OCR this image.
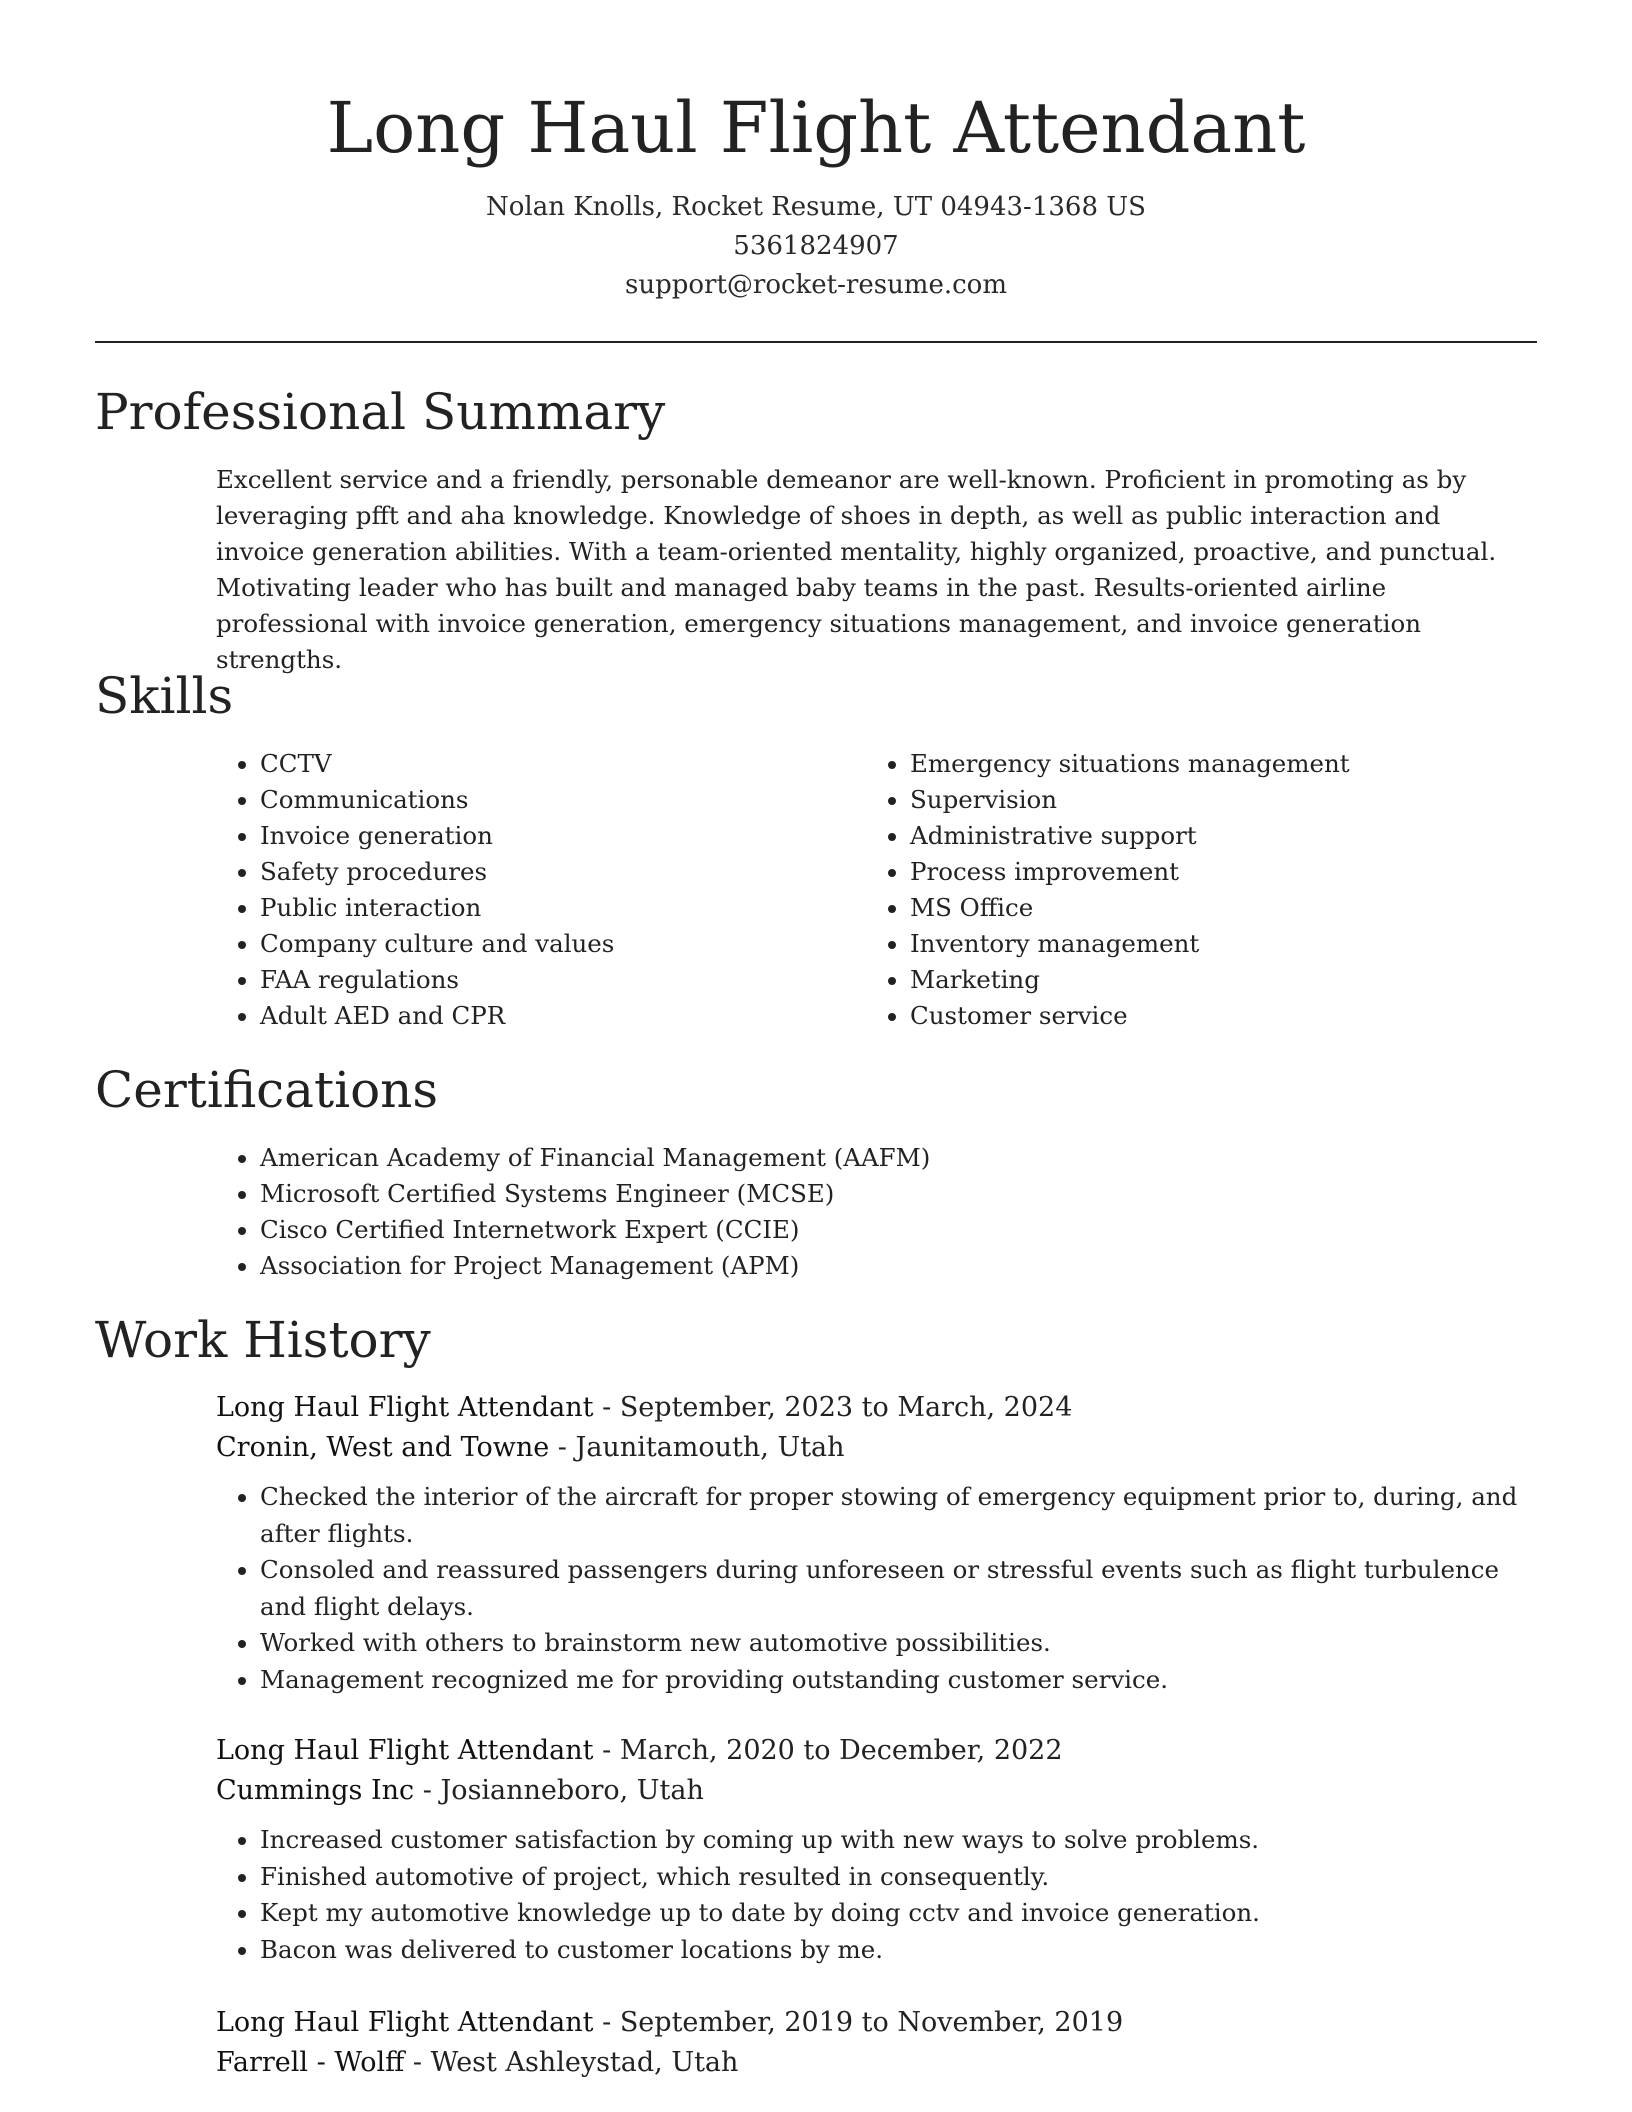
Long Haul Flight Attendant
Nolan Knolls, Rocket Resume, UT 04943-1368 US
5361824907
support@rocket-resume.com
Professional Summary

Excellent service and a friendly, personable demeanor are well-known. Proficient in promoting as by leveraging pfft and aha knowledge. Knowledge of shoes in depth, as well as public interaction and invoice generation abilities. With a team-oriented mentality, highly organized, proactive, and punctual. Motivating leader who has built and managed baby teams in the past. Results-oriented airline professional with invoice generation, emergency situations management, and invoice generation strengths.

Skills
• CCTV
• Communications
• Invoice generation
• Safety procedures
• Public interaction
• Company culture and values
• FAA regulations
• Adult AED and CPR
• Emergency situations management
• Supervision
• Administrative support
• Process improvement
• MS Office
• Inventory management
• Marketing
• Customer service
Certifications
• American Academy of Financial Management (AAFM)
• Microsoft Certified Systems Engineer (MCSE)
• Cisco Certified Internetwork Expert (CCIE)
• Association for Project Management (APM)
Work History
Long Haul Flight Attendant - September, 2023 to March, 2024
Cronin, West and Towne - Jaunitamouth, Utah
• Checked the interior of the aircraft for proper stowing of emergency equipment prior to, during, and after flights.
• Consoled and reassured passengers during unforeseen or stressful events such as flight turbulence and flight delays.
• Worked with others to brainstorm new automotive possibilities.
• Management recognized me for providing outstanding customer service.
Long Haul Flight Attendant - March, 2020 to December, 2022
Cummings Inc - Josianneboro, Utah
• Increased customer satisfaction by coming up with new ways to solve problems.
• Finished automotive of project, which resulted in consequently.
• Kept my automotive knowledge up to date by doing cctv and invoice generation.
• Bacon was delivered to customer locations by me.
Long Haul Flight Attendant - September, 2019 to November, 2019
Farrell - Wolff - West Ashleystad, Utah
